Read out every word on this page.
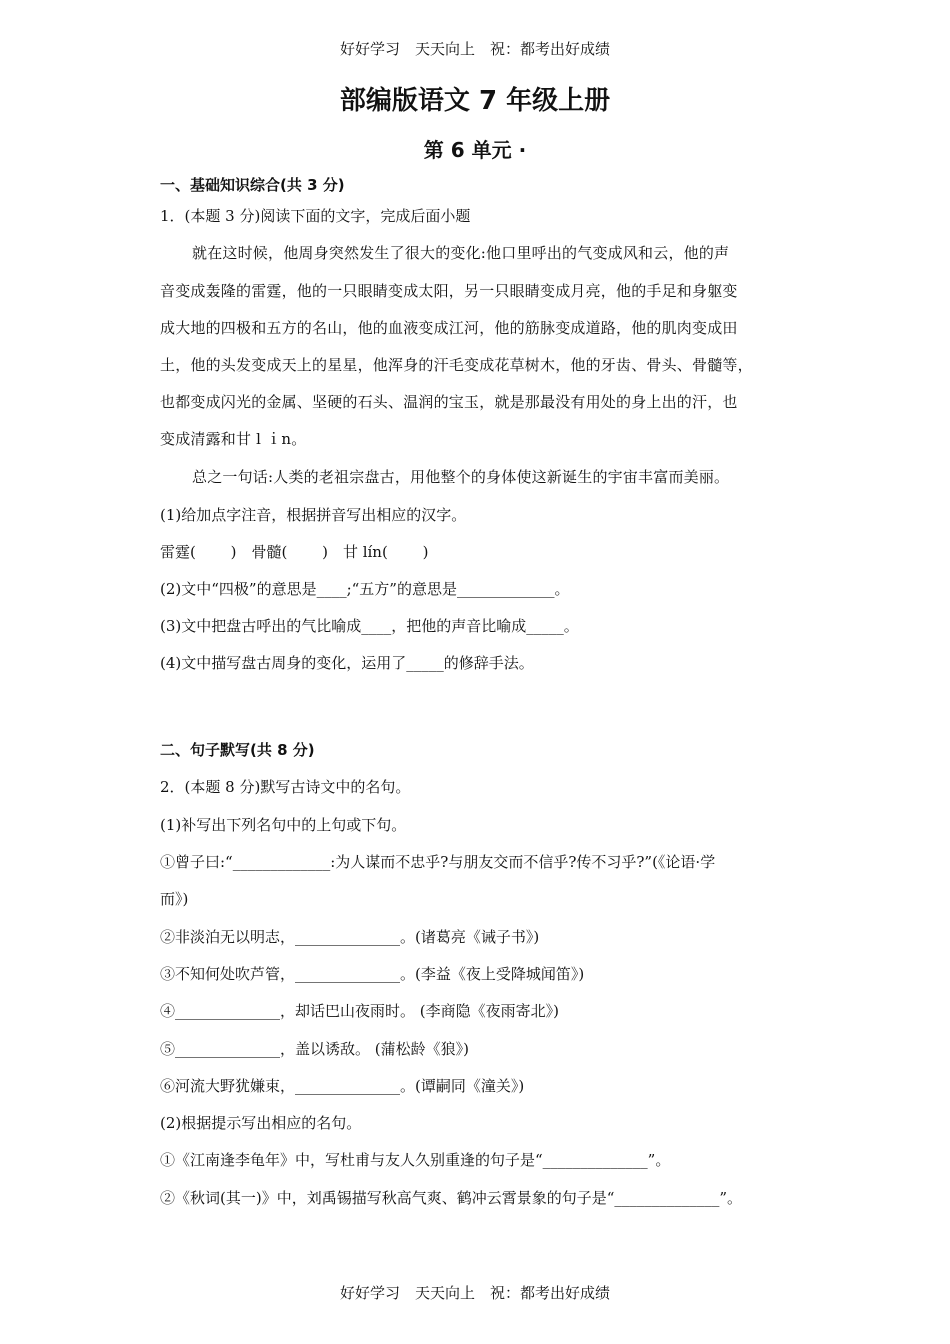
好好学习　天天向上　祝：都考出好成绩
部编版语文 7 年级上册
第 6 单元 ·
一、基础知识综合(共 3 分)
1．(本题 3 分)阅读下面的文字，完成后面小题
就在这时候，他周身突然发生了很大的变化:他口里呼出的气变成风和云，他的声
音变成轰隆的雷霆，他的一只眼睛变成太阳，另一只眼睛变成月亮，他的手足和身躯变
成大地的四极和五方的名山，他的血液变成江河，他的筋脉变成道路，他的肌肉变成田
土，他的头发变成天上的星星，他浑身的汗毛变成花草树木，他的牙齿、骨头、骨髓等，
也都变成闪光的金属、坚硬的石头、温润的宝玉，就是那最没有用处的身上出的汗，也
变成清露和甘 l ｉn。
总之一句话:人类的老祖宗盘古，用他整个的身体使这新诞生的宇宙丰富而美丽。
(1)给加点字注音，根据拼音写出相应的汉字。
雷霆(　　 )　骨髓(　　 )　甘 lín(　　 )
(2)文中“四极”的意思是____;“五方”的意思是_____________。
(3)文中把盘古呼出的气比喻成____，把他的声音比喻成_____。
(4)文中描写盘古周身的变化，运用了_____的修辞手法。
二、句子默写(共 8 分)
2．(本题 8 分)默写古诗文中的名句。
(1)补写出下列名句中的上句或下句。
①曾子曰:“_____________:为人谋而不忠乎?与朋友交而不信乎?传不习乎?”(《论语·学
而》)
②非淡泊无以明志，______________。(诸葛亮《诫子书》)
③不知何处吹芦管，______________。(李益《夜上受降城闻笛》)
④______________，却话巴山夜雨时。 (李商隐《夜雨寄北》)
⑤______________，盖以诱敌。 (蒲松龄《狼》)
⑥河流大野犹嫌束，______________。(谭嗣同《潼关》)
(2)根据提示写出相应的名句。
①《江南逢李龟年》中，写杜甫与友人久别重逢的句子是“______________”。
②《秋词(其一)》中，刘禹锡描写秋高气爽、鹤冲云霄景象的句子是“______________”。
好好学习　天天向上　祝：都考出好成绩
